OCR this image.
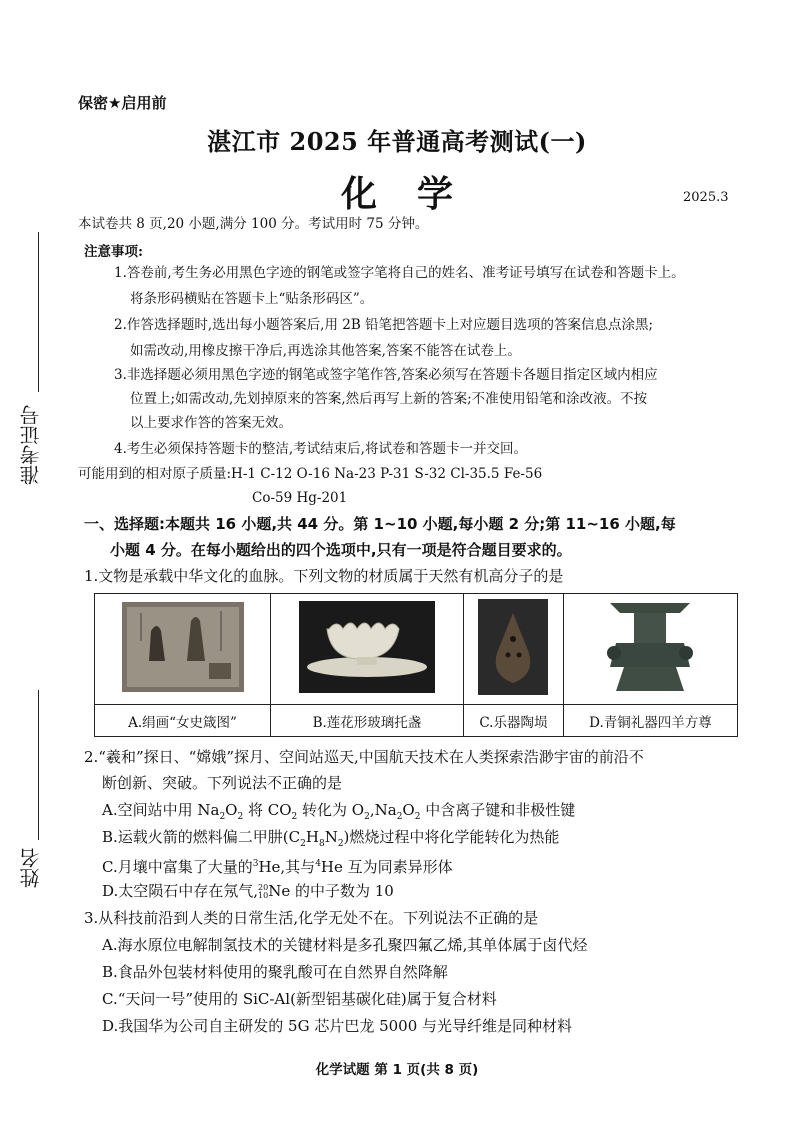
准考证号
姓名
保密★启用前
湛江市 2025 年普通高考测试(一)
化学	2025.3
本试卷共 8 页,20 小题,满分 100 分。考试用时 75 分钟。
注意事项:
1.答卷前,考生务必用黑色字迹的钢笔或签字笔将自己的姓名、准考证号填写在试卷和答题卡上。
将条形码横贴在答题卡上“贴条形码区”。
2.作答选择题时,选出每小题答案后,用 2B 铅笔把答题卡上对应题目选项的答案信息点涂黑;
如需改动,用橡皮擦干净后,再选涂其他答案,答案不能答在试卷上。
3.非选择题必须用黑色字迹的钢笔或签字笔作答,答案必须写在答题卡各题目指定区域内相应
位置上;如需改动,先划掉原来的答案,然后再写上新的答案;不准使用铅笔和涂改液。不按
以上要求作答的答案无效。
4.考生必须保持答题卡的整洁,考试结束后,将试卷和答题卡一并交回。
可能用到的相对原子质量:H-1 C-12 O-16 Na-23 P-31 S-32 Cl-35.5 Fe-56
Co-59 Hg-201
一、选择题:本题共 16 小题,共 44 分。第 1~10 小题,每小题 2 分;第 11~16 小题,每
小题 4 分。在每小题给出的四个选项中,只有一项是符合题目要求的。
1.文物是承载中华文化的血脉。下列文物的材质属于天然有机高分子的是

A.绢画“女史箴图”	B.莲花形玻璃托盏	C.乐器陶埙	D.青铜礼器四羊方尊
2.“羲和”探日、“嫦娥”探月、空间站巡天,中国航天技术在人类探索浩渺宇宙的前沿不
断创新、突破。下列说法不正确的是
A.空间站中用 $Na_2O_2$ 将 $CO_2$ 转化为 $O_2,Na_2O_2$ 中含离子键和非极性键
B.运载火箭的燃料偏二甲肼$(C_2H_8N_2)$燃烧过程中将化学能转化为热能
C.月壤中富集了大量的$^3$He,其与$^4$He 互为同素异形体
D.太空陨石中存在氖气, 20
10 Ne 的中子数为 10
3.从科技前沿到人类的日常生活,化学无处不在。下列说法不正确的是
A.海水原位电解制氢技术的关键材料是多孔聚四氟乙烯,其单体属于卤代烃
B.食品外包装材料使用的聚乳酸可在自然界自然降解
C.“天问一号”使用的 SiC-Al(新型铝基碳化硅)属于复合材料
D.我国华为公司自主研发的 5G 芯片巴龙 5000 与光导纤维是同种材料
化学试题 第 1 页(共 8 页)
